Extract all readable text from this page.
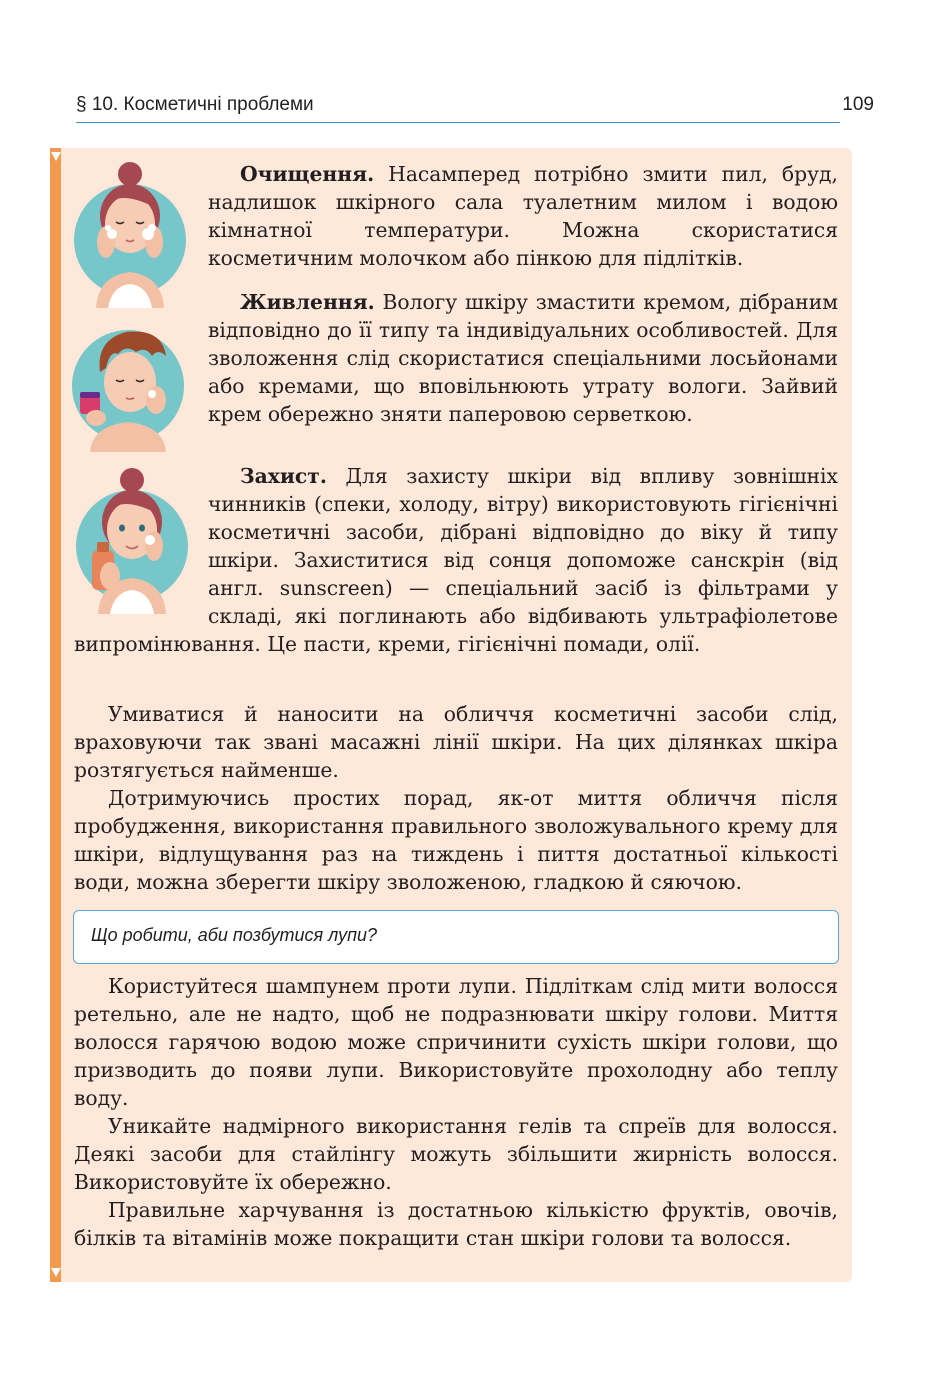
§ 10. Косметичні проблеми	109

Очищення. Насамперед потрібно змити пил, бруд, надлишок шкірного сала туалетним милом і водою кімнатної температури. Можна скористатися косметичним молочком або пінкою для підлітків.

Живлення. Вологу шкіру змастити кремом, дібраним відповідно до її типу та індивідуальних особливостей. Для зволоження слід скористатися спеціальними лосьйонами або кремами, що вповільнюють утрату вологи. Зайвий крем обережно зняти паперовою серветкою.

Захист. Для захисту шкіри від впливу зовнішніх чинників (спеки, холоду, вітру) використовують гігієнічні косметичні засоби, дібрані відповідно до віку й типу шкіри. Захиститися від сонця допоможе санскрін (від англ. sunscreen) — спеціальний засіб із фільтрами у складі, які поглинають або відбивають ультрафіолетове випромінювання. Це пасти, креми, гігієнічні помади, олії.

Умиватися й наносити на обличчя косметичні засоби слід, враховуючи так звані масажні лінії шкіри. На цих ділянках шкіра розтягується найменше.

Дотримуючись простих порад, як-от миття обличчя після пробудження, використання правильного зволожувального крему для шкіри, відлущування раз на тиждень і пиття достатньої кількості води, можна зберегти шкіру зволоженою, гладкою й сяючою.

Що робити, аби позбутися лупи?

Користуйтеся шампунем проти лупи. Підліткам слід мити волосся ретельно, але не надто, щоб не подразнювати шкіру голови. Миття волосся гарячою водою може спричинити сухість шкіри голови, що призводить до появи лупи. Використовуйте прохолодну або теплу воду.

Уникайте надмірного використання гелів та спреїв для волосся. Деякі засоби для стайлінгу можуть збільшити жирність волосся. Використовуйте їх обережно.

Правильне харчування із достатньою кількістю фруктів, овочів, білків та вітамінів може покращити стан шкіри голови та волосся.
